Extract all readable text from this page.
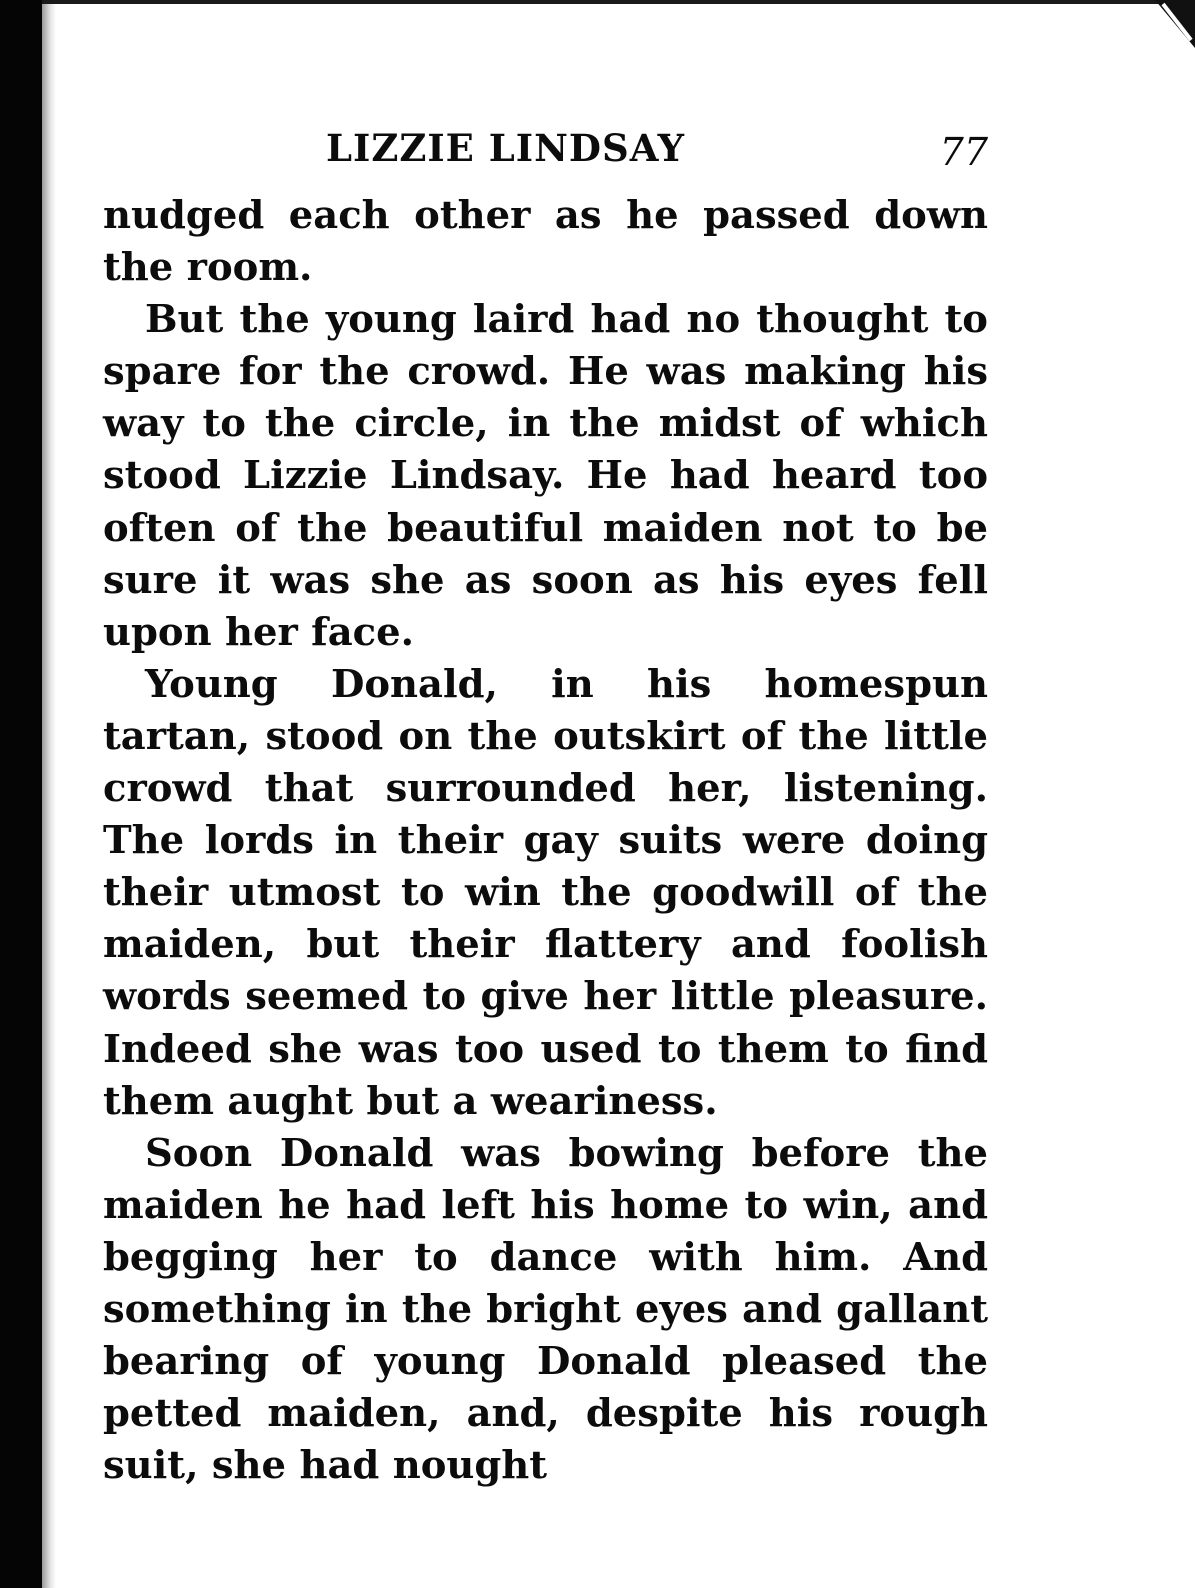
LIZZIE LINDSAY	77

nudged each other as he passed down the room.

But the young laird had no thought to spare for the crowd. He was making his way to the circle, in the midst of which stood Lizzie Lindsay. He had heard too often of the beautiful maiden not to be sure it was she as soon as his eyes fell upon her face.

Young Donald, in his homespun tartan, stood on the outskirt of the little crowd that surrounded her, listening. The lords in their gay suits were doing their utmost to win the goodwill of the maiden, but their flattery and foolish words seemed to give her little pleasure. Indeed she was too used to them to find them aught but a weariness.

Soon Donald was bowing before the maiden he had left his home to win, and begging her to dance with him. And something in the bright eyes and gallant bearing of young Donald pleased the petted maiden, and, despite his rough suit, she had nought
